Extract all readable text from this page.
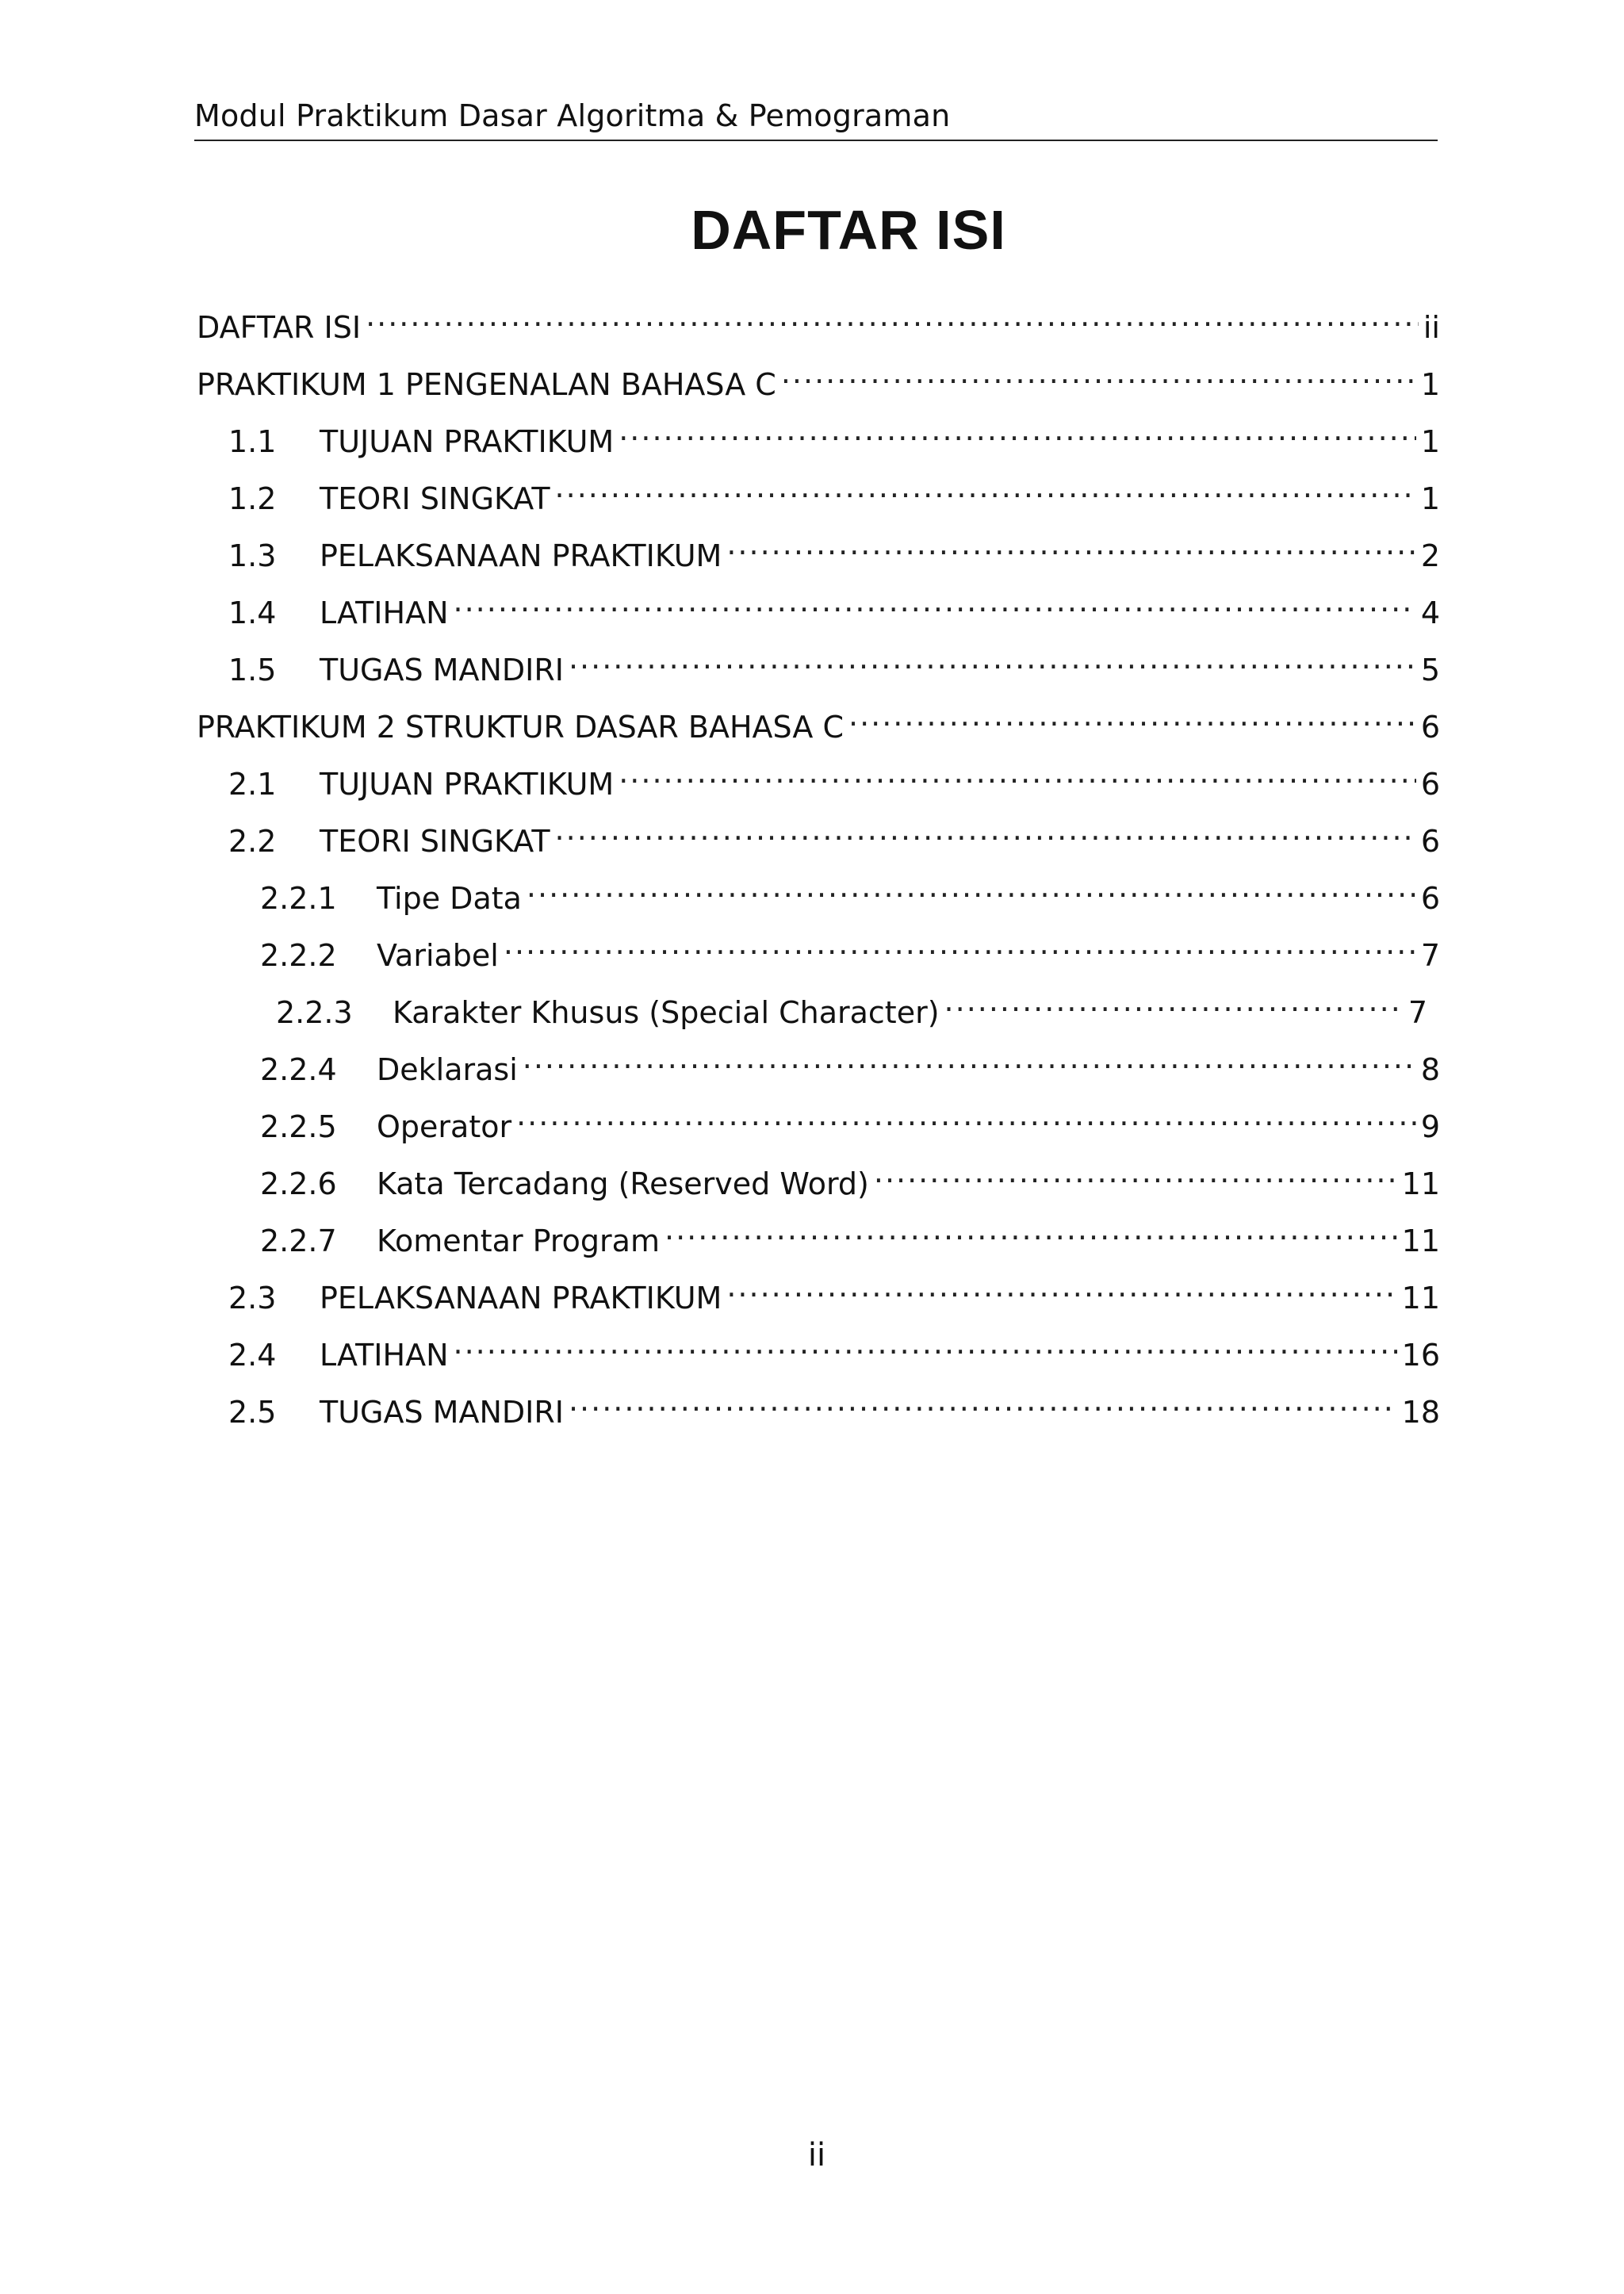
Modul Praktikum Dasar Algoritma & Pemograman
DAFTAR ISI
DAFTAR ISI .....	ii
PRAKTIKUM 1 PENGENALAN BAHASA C .....	1
1.1	TUJUAN PRAKTIKUM .....	1
1.2	TEORI SINGKAT .....	1
1.3	PELAKSANAAN PRAKTIKUM .....	2
1.4	LATIHAN .....	4
1.5	TUGAS MANDIRI .....	5
PRAKTIKUM 2 STRUKTUR DASAR BAHASA C .....	6
2.1	TUJUAN PRAKTIKUM .....	6
2.2	TEORI SINGKAT .....	6
2.2.1	Tipe Data .....	6
2.2.2	Variabel .....	7
2.2.3	Karakter Khusus (Special Character) .....	7
2.2.4	Deklarasi .....	8
2.2.5	Operator .....	9
2.2.6	Kata Tercadang (Reserved Word) .....	11
2.2.7	Komentar Program .....	11
2.3	PELAKSANAAN PRAKTIKUM .....	11
2.4	LATIHAN .....	16
2.5	TUGAS MANDIRI .....	18
ii
